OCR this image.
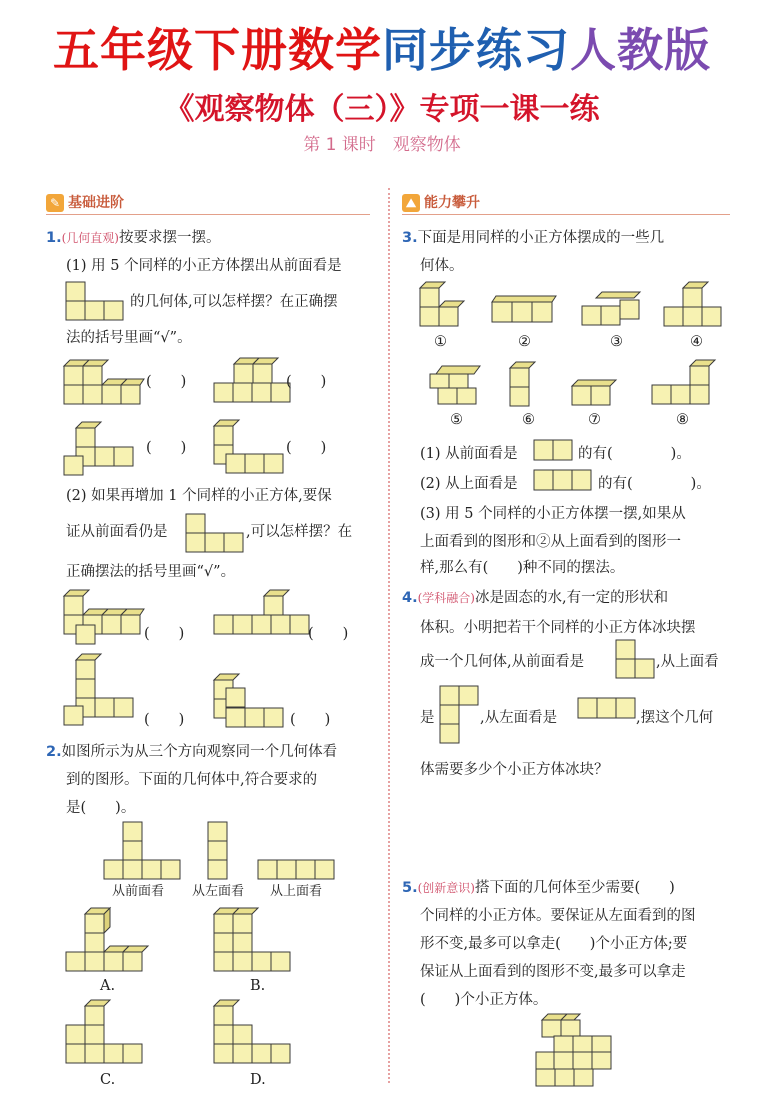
五年级下册数学同步练习人教版
《观察物体（三）》专项一课一练
第 1 课时　观察物体
✎ 基础进阶	⛰ 能力攀升
1.(几何直观)按要求摆一摆。
(1) 用 5 个同样的小正方体摆出从前面看是
的几何体,可以怎样摆？在正确摆
法的括号里画“√”。
(　　)	(　　)
(　　)	(　　)
(2) 如果再增加 1 个同样的小正方体,要保
证从前面看仍是	,可以怎样摆？在
正确摆法的括号里画“√”。
(　　)	(　　)
(　　)	(　　)
2.如图所示为从三个方向观察同一个几何体看
到的图形。下面的几何体中,符合要求的
是(　　)。
从前面看 从左面看 从上面看
A.	B.
C.	D.
3.下面是用同样的小正方体摆成的一些几
何体。
①	②	③	④
⑤	⑥	⑦	⑧
(1) 从前面看是	的有(　　　　)。
(2) 从上面看是	的有(　　　　)。
(3) 用 5 个同样的小正方体摆一摆,如果从
上面看到的图形和②从上面看到的图形一
样,那么有(　　)种不同的摆法。
4.(学科融合)冰是固态的水,有一定的形状和
体积。小明把若干个同样的小正方体冰块摆
成一个几何体,从前面看是	,从上面看
是	,从左面看是	,摆这个几何
体需要多少个小正方体冰块？
5.(创新意识)搭下面的几何体至少需要(　　)
个同样的小正方体。要保证从左面看到的图
形不变,最多可以拿走(　　)个小正方体;要
保证从上面看到的图形不变,最多可以拿走
(　　)个小正方体。
